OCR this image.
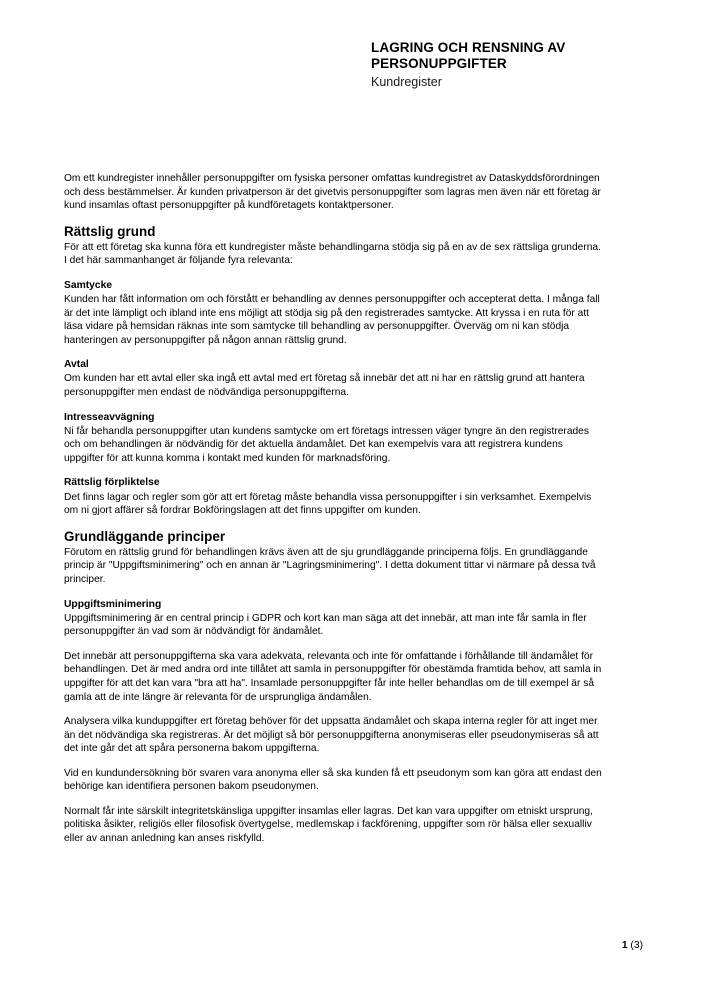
LAGRING OCH RENSNING AV
PERSONUPPGIFTER
Kundregister

Om ett kundregister innehåller personuppgifter om fysiska personer omfattas kundregistret av Dataskyddsförordningen och dess bestämmelser. Är kunden privatperson är det givetvis personuppgifter som lagras men även när ett företag är kund insamlas oftast personuppgifter på kundföretagets kontaktpersoner.

Rättslig grund

För att ett företag ska kunna föra ett kundregister måste behandlingarna stödja sig på en av de sex rättsliga grunderna. I det här sammanhanget är följande fyra relevanta:

Samtycke

Kunden har fått information om och förstått er behandling av dennes personuppgifter och accepterat detta. I många fall är det inte lämpligt och ibland inte ens möjligt att stödja sig på den registrerades samtycke. Att kryssa i en ruta för att läsa vidare på hemsidan räknas inte som samtycke till behandling av personuppgifter. Överväg om ni kan stödja hanteringen av personuppgifter på någon annan rättslig grund.

Avtal

Om kunden har ett avtal eller ska ingå ett avtal med ert företag så innebär det att ni har en rättslig grund att hantera personuppgifter men endast de nödvändiga personuppgifterna.

Intresseavvägning

Ni får behandla personuppgifter utan kundens samtycke om ert företags intressen väger tyngre än den registrerades och om behandlingen är nödvändig för det aktuella ändamålet. Det kan exempelvis vara att registrera kundens uppgifter för att kunna komma i kontakt med kunden för marknadsföring.

Rättslig förpliktelse

Det finns lagar och regler som gör att ert företag måste behandla vissa personuppgifter i sin verksamhet. Exempelvis om ni gjort affärer så fordrar Bokföringslagen att det finns uppgifter om kunden.

Grundläggande principer

Förutom en rättslig grund för behandlingen krävs även att de sju grundläggande principerna följs. En grundläggande princip är "Uppgiftsminimering" och en annan är "Lagringsminimering". I detta dokument tittar vi närmare på dessa två principer.

Uppgiftsminimering

Uppgiftsminimering är en central princip i GDPR och kort kan man säga att det innebär, att man inte får samla in fler personuppgifter än vad som är nödvändigt för ändamålet.

Det innebär att personuppgifterna ska vara adekvata, relevanta och inte för omfattande i förhållande till ändamålet för behandlingen. Det är med andra ord inte tillåtet att samla in personuppgifter för obestämda framtida behov, att samla in uppgifter för att det kan vara "bra att ha". Insamlade personuppgifter får inte heller behandlas om de till exempel är så gamla att de inte längre är relevanta för de ursprungliga ändamålen.

Analysera vilka kunduppgifter ert företag behöver för det uppsatta ändamålet och skapa interna regler för att inget mer än det nödvändiga ska registreras. Är det möjligt så bör personuppgifterna anonymiseras eller pseudonymiseras så att det inte går det att spåra personerna bakom uppgifterna.

Vid en kundundersökning bör svaren vara anonyma eller så ska kunden få ett pseudonym som kan göra att endast den behörige kan identifiera personen bakom pseudonymen.

Normalt får inte särskilt integritetskänsliga uppgifter insamlas eller lagras. Det kan vara uppgifter om etniskt ursprung, politiska åsikter, religiös eller filosofisk övertygelse, medlemskap i fackförening, uppgifter som rör hälsa eller sexualliv eller av annan anledning kan anses riskfylld.

1 (3)
